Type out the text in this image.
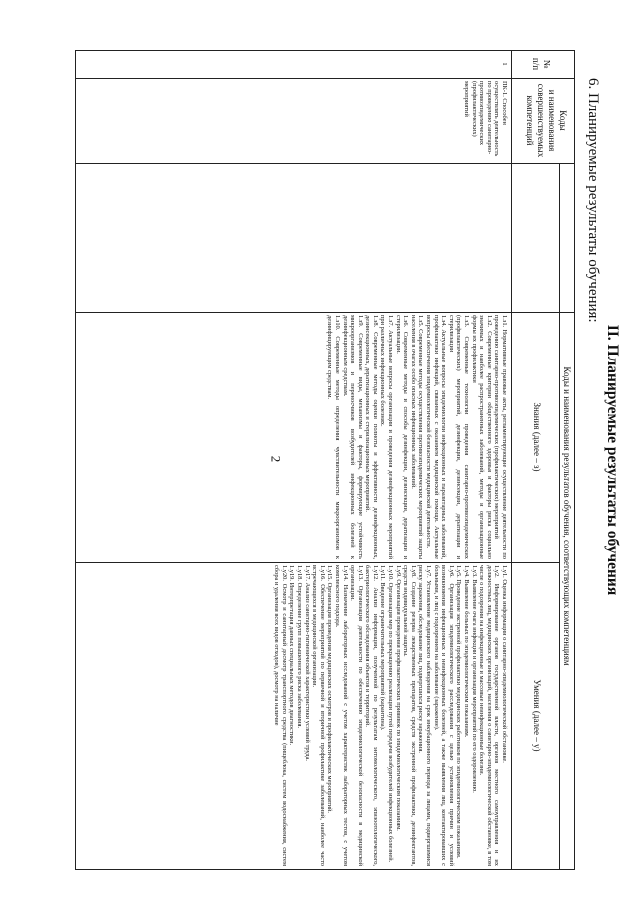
2	II. Планируемые результаты обучения
6. Планируемые результаты обучения:
№
п/п
Коды
и наименования
совершенствуемых
компетенций
Коды и наименования результатов обучения, соответствующих компетенциям
Знания (далее – з)
Умения (далее – у)
1
ПК-1. Способен осуществлять деятельность по проведению санитарно-противоэпидемических (профилактических) мероприятий
1.з1. Нормативные правовые акты, регламентирующие осуществление деятельности по проведению санитарно-противоэпидемических (профилактических) мероприятий
1.з2. Современные критерии общественного здоровья и факторы риска социально значимых и наиболее распространенных заболеваний, методы и организационные формы их профилактики
1.з3. Современные технологии проведения санитарно-противоэпидемических (профилактических) мероприятий, дезинфекции, дезинсекции, дератизации и стерилизации
1.з4. Актуальные вопросы эпидемиологии инфекционных и паразитарных заболеваний, профилактики инфекций, связанных с оказанием медицинской помощи. Актуальные вопросы обеспечения эпидемиологической безопасности медицинской деятельности.
1.з5. Современные методы осуществления противоэпидемических мероприятий защиты населения в очагах особо опасных инфекционных заболеваний.
1.з6. Современные методы и способы дезинфекции, дезинсекции, дератизации и стерилизации.
1.з7. Актуальные вопросы организации и проведения дезинфекционных мероприятий при различных инфекционных болезнях.
1.з8. Современные методы оценки полноты и эффективности дезинфекционных, дезинсекционных, дератизационных и стерилизационных мероприятий.
1.з9. Современные виды, механизмы и факторы, формирующие устойчивость микроорганизмов и переносчиков возбудителей инфекционных болезней к дезинфекционным средствам.
1.з10. Современные методы определения чувствительности микроорганизмов к дезинфицирующим средствам.
1.у1. Оценка информации о санитарно-эпидемиологической обстановке.
1.у2. Информирование органов государственной власти, органов местного самоуправления и их должностных лиц, медицинских организаций, населения о санитарно-эпидемиологической обстановке, в том числе о подозрении на инфекционные и массовые неинфекционные болезни.
1.у3. Выявление очага инфекции и организация мероприятий по его оздоровлению.
1.у4. Выявление больных по эпидемиологическим показаниям.
1.у5. Проведение экстренной профилактики медицинских работников по эпидемиологическим показаниям.
1.у6. Организация эпидемиологического расследования с целью установления причин и условий возникновения инфекционных и неинфекционных болезней, а также выявления лиц, контактировавших с больными, и лиц с подозрением на заболевание (заражение).
1.у7. Установление медицинского наблюдения на срок инкубационного периода за лицами, подвергшимися риску заражения, обследование лиц, подвергшихся риску заражения.
1.у8. Создание резерва лекарственных препаратов, средств экстренной профилактики, дезинфектантов, средств индивидуальной защиты.
1.у9. Организация проведения профилактических прививок по эпидемиологическим показаниям.
1.у10. Организация мер по прекращению реализации путей передачи возбудителей инфекционных болезней.
1.у11. Введение ограничительных мероприятий (карантина).
1.у12. Анализ информации, полученной по результатам энтомологического, эпизоотологического, бактериологического обследования объектов и территорий.
1.у13. Организация деятельности по обеспечению эпидемиологической безопасности в медицинской организации.
1.у14. Назначение лабораторных исследований с учетом характеристик лабораторных тестов, с учетом комплексного подхода.
1.у15. Организация проведения медицинских осмотров и профилактических мероприятий.
1.у16. Обеспечение мероприятий по первичной и вторичной профилактике заболеваний, наиболее часто встречающихся в медицинской организации.
1.у17. Анализ санитарно-гигиенической характеристики условий труда.
1.у18. Определение групп повышенного риска заболевания.
1.у19. Интерпретация данных специальных методов диагностики.
1.у20. Осмотр и санитарный досмотр транспортного средства (пищеблока, систем водоснабжения, систем сбора и удаления всех видов отходов), досмотр на наличие
